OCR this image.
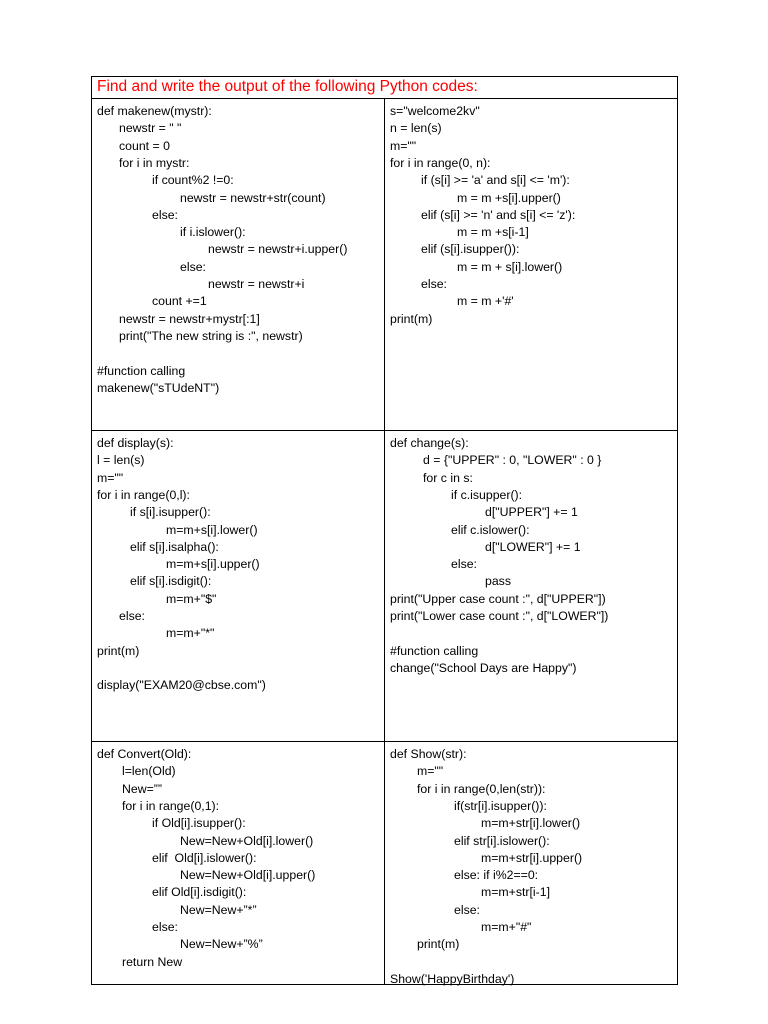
Find and write the output of the following Python codes:
def makenew(mystr):
newstr = " "
count = 0
for i in mystr:
if count%2 !=0:
newstr = newstr+str(count)
else:
if i.islower():
newstr = newstr+i.upper()
else:
newstr = newstr+i
count +=1
newstr = newstr+mystr[:1]
print("The new string is :", newstr)
#function calling
makenew("sTUdeNT")
s="welcome2kv"
n = len(s)
m=""
for i in range(0, n):
if (s[i] >= 'a' and s[i] <= 'm'):
m = m +s[i].upper()
elif (s[i] >= 'n' and s[i] <= 'z'):
m = m +s[i-1]
elif (s[i].isupper()):
m = m + s[i].lower()
else:
m = m +'#'
print(m)
def display(s):
l = len(s)
m=""
for i in range(0,l):
if s[i].isupper():
m=m+s[i].lower()
elif s[i].isalpha():
m=m+s[i].upper()
elif s[i].isdigit():
m=m+"$"
else:
m=m+"*"
print(m)
display("EXAM20@cbse.com")
def change(s):
d = {"UPPER" : 0, "LOWER" : 0 }
for c in s:
if c.isupper():
d["UPPER"] += 1
elif c.islower():
d["LOWER"] += 1
else:
pass
print("Upper case count :", d["UPPER"])
print("Lower case count :", d["LOWER"])
#function calling
change("School Days are Happy")
def Convert(Old):
l=len(Old)
New=””
for i in range(0,1):
if Old[i].isupper():
New=New+Old[i].lower()
elif  Old[i].islower():
New=New+Old[i].upper()
elif Old[i].isdigit():
New=New+”*”
else:
New=New+”%”
return New
def Show(str):
m=""
for i in range(0,len(str)):
if(str[i].isupper()):
m=m+str[i].lower()
elif str[i].islower():
m=m+str[i].upper()
else: if i%2==0:
m=m+str[i-1]
else:
m=m+"#"
print(m)
Show('HappyBirthday')
